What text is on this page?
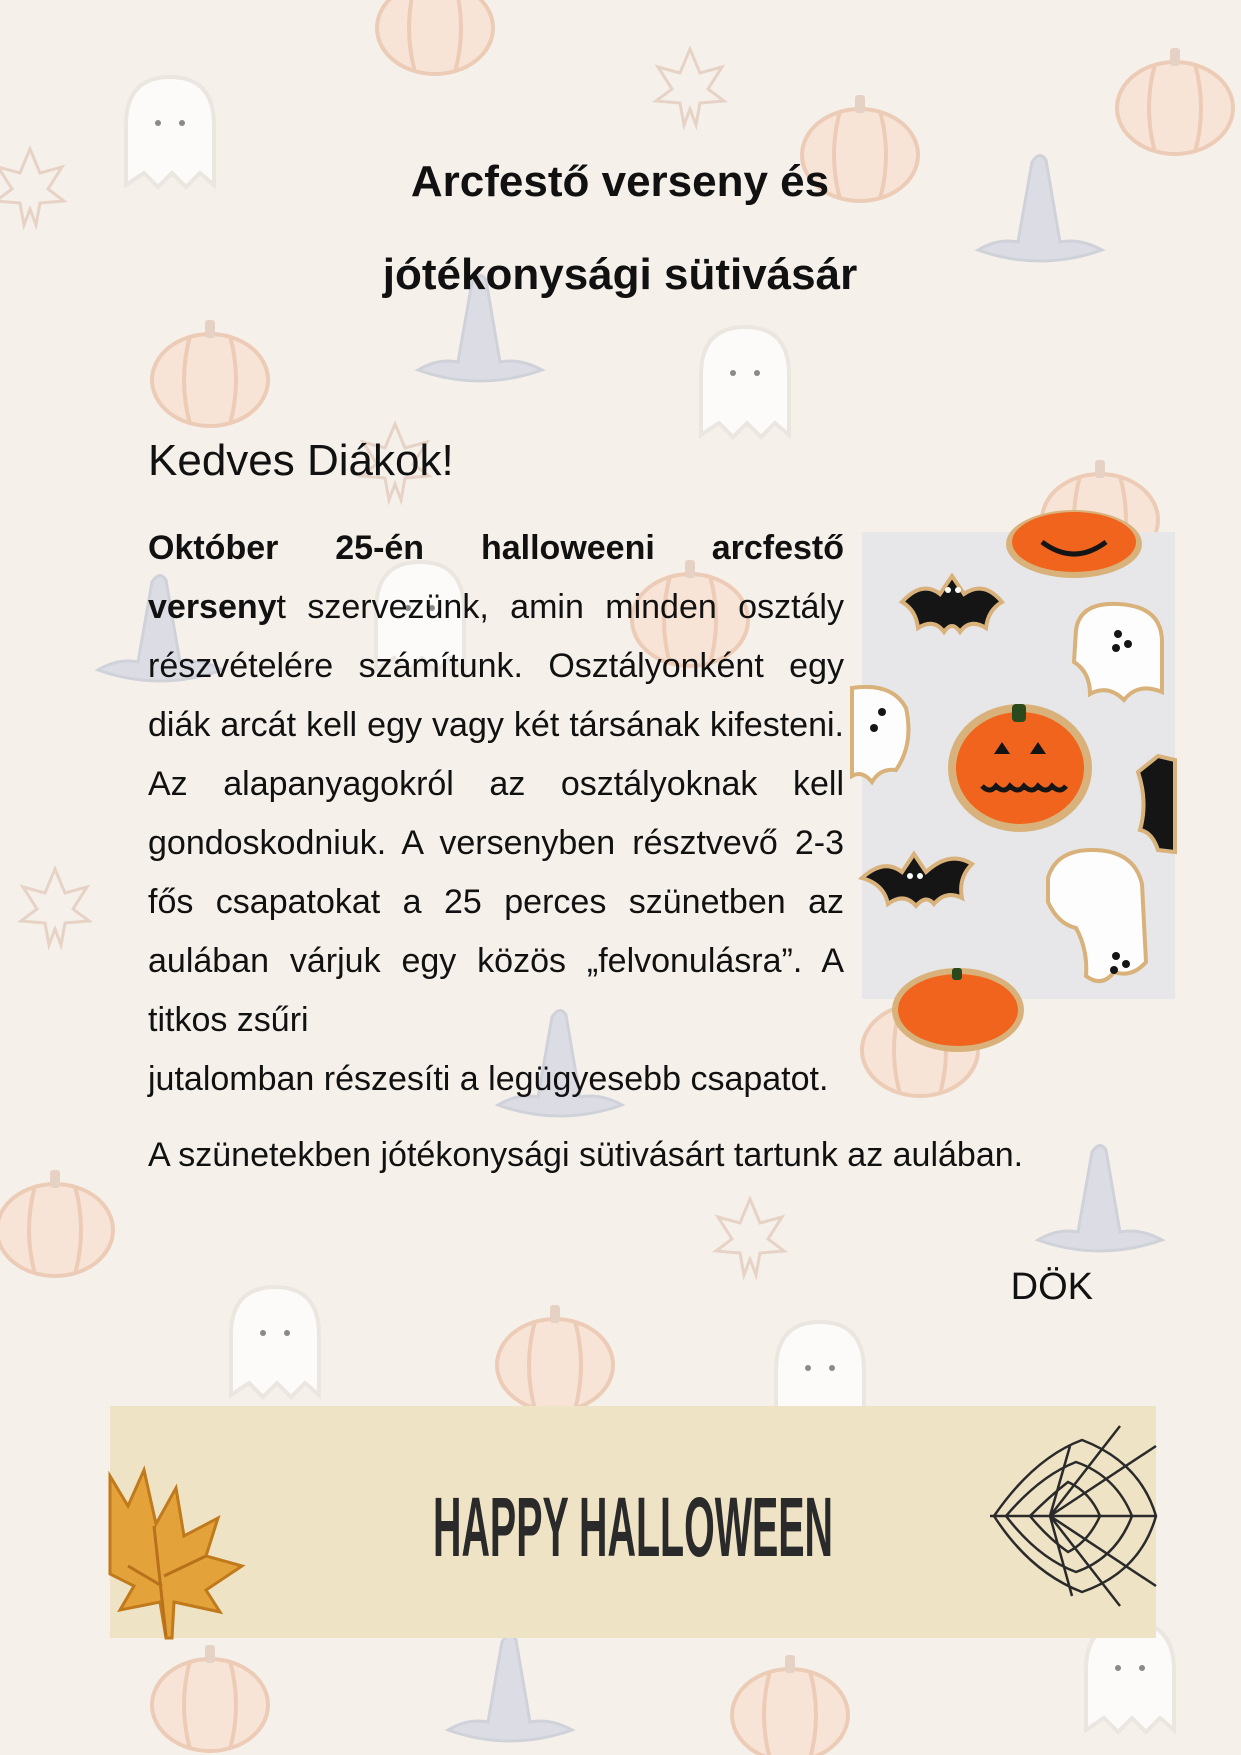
Arcfestő verseny és
jótékonysági sütivásár
Kedves Diákok!
Október 25-én halloweeni arcfestő versenyt szervezünk, amin minden osztály részvételére számítunk. Osztályonként egy diák arcát kell egy vagy két társának kifesteni. Az alapanyagokról az osztályoknak kell gondoskodniuk. A versenyben résztvevő 2-3 fős csapatokat a 25 perces szünetben az aulában várjuk egy közös „felvonulásra”. A titkos zsűri
jutalomban részesíti a legügyesebb csapatot.
A szünetekben jótékonysági sütivásárt tartunk az aulában.
DÖK
HAPPY HALLOWEEN
